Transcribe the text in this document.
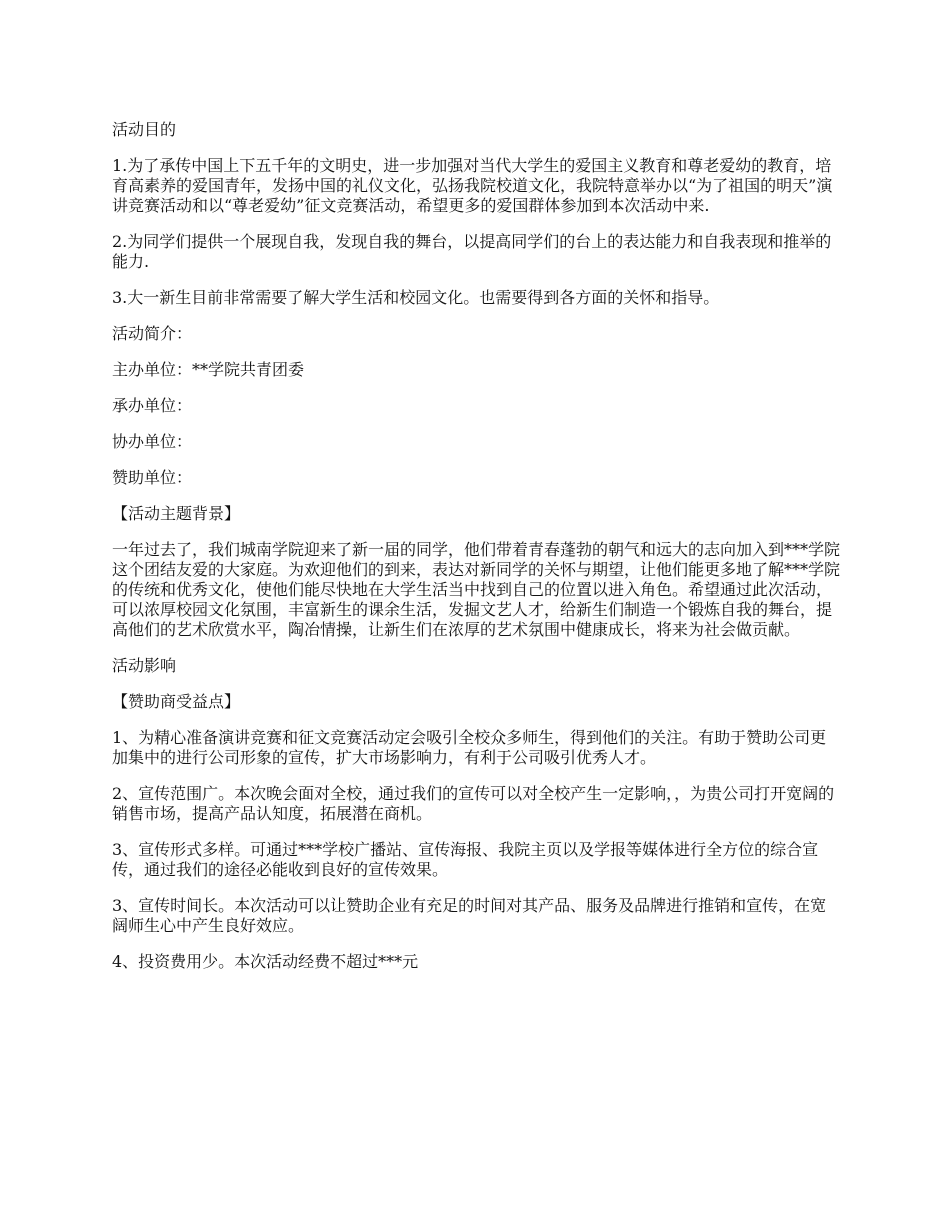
活动目的

1.为了承传中国上下五千年的文明史，进一步加强对当代大学生的爱国主义教育和尊老爱幼的教育，培育高素养的爱国青年，发扬中国的礼仪文化，弘扬我院校道文化，我院特意举办以“为了祖国的明天”演讲竞赛活动和以“尊老爱幼”征文竞赛活动，希望更多的爱国群体参加到本次活动中来.

2.为同学们提供一个展现自我，发现自我的舞台，以提高同学们的台上的表达能力和自我表现和推举的能力.

3.大一新生目前非常需要了解大学生活和校园文化。也需要得到各方面的关怀和指导。

活动简介：

主办单位：**学院共青团委

承办单位：

协办单位：

赞助单位：

【活动主题背景】

一年过去了，我们城南学院迎来了新一届的同学，他们带着青春蓬勃的朝气和远大的志向加入到***学院这个团结友爱的大家庭。为欢迎他们的到来，表达对新同学的关怀与期望，让他们能更多地了解***学院的传统和优秀文化，使他们能尽快地在大学生活当中找到自己的位置以进入角色。希望通过此次活动，可以浓厚校园文化氛围，丰富新生的课余生活，发掘文艺人才，给新生们制造一个锻炼自我的舞台，提高他们的艺术欣赏水平，陶冶情操，让新生们在浓厚的艺术氛围中健康成长，将来为社会做贡献。

活动影响

【赞助商受益点】

1、为精心准备演讲竞赛和征文竞赛活动定会吸引全校众多师生，得到他们的关注。有助于赞助公司更加集中的进行公司形象的宣传，扩大市场影响力，有利于公司吸引优秀人才。

2、宣传范围广。本次晚会面对全校，通过我们的宣传可以对全校产生一定影响，，为贵公司打开宽阔的销售市场，提高产品认知度，拓展潜在商机。

3、宣传形式多样。可通过***学校广播站、宣传海报、我院主页以及学报等媒体进行全方位的综合宣传，通过我们的途径必能收到良好的宣传效果。

3、宣传时间长。本次活动可以让赞助企业有充足的时间对其产品、服务及品牌进行推销和宣传，在宽阔师生心中产生良好效应。

4、投资费用少。本次活动经费不超过***元
